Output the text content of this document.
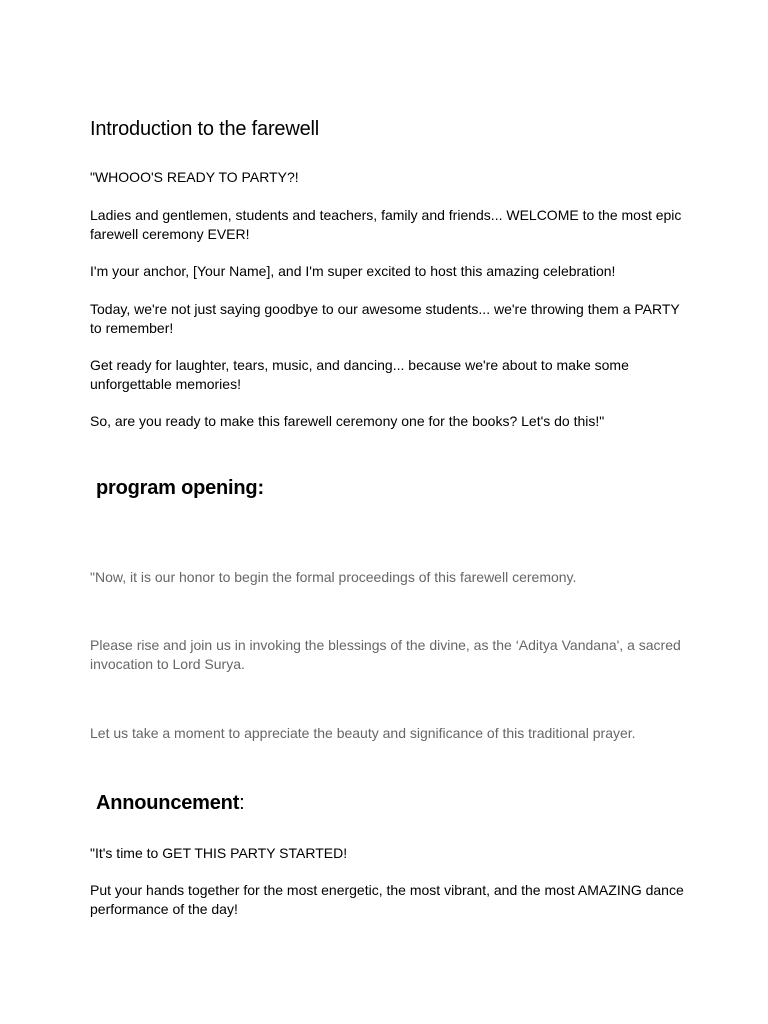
Introduction to the farewell

"WHOOO'S READY TO PARTY?!

Ladies and gentlemen, students and teachers, family and friends... WELCOME to the most epic farewell ceremony EVER!

I'm your anchor, [Your Name], and I'm super excited to host this amazing celebration!

Today, we're not just saying goodbye to our awesome students... we're throwing them a PARTY to remember!

Get ready for laughter, tears, music, and dancing... because we're about to make some unforgettable memories!

So, are you ready to make this farewell ceremony one for the books? Let's do this!"

program opening:

"Now, it is our honor to begin the formal proceedings of this farewell ceremony.

Please rise and join us in invoking the blessings of the divine, as the ‘Aditya Vandana', a sacred invocation to Lord Surya.

Let us take a moment to appreciate the beauty and significance of this traditional prayer.

Announcement:

"It's time to GET THIS PARTY STARTED!

Put your hands together for the most energetic, the most vibrant, and the most AMAZING dance performance of the day!
